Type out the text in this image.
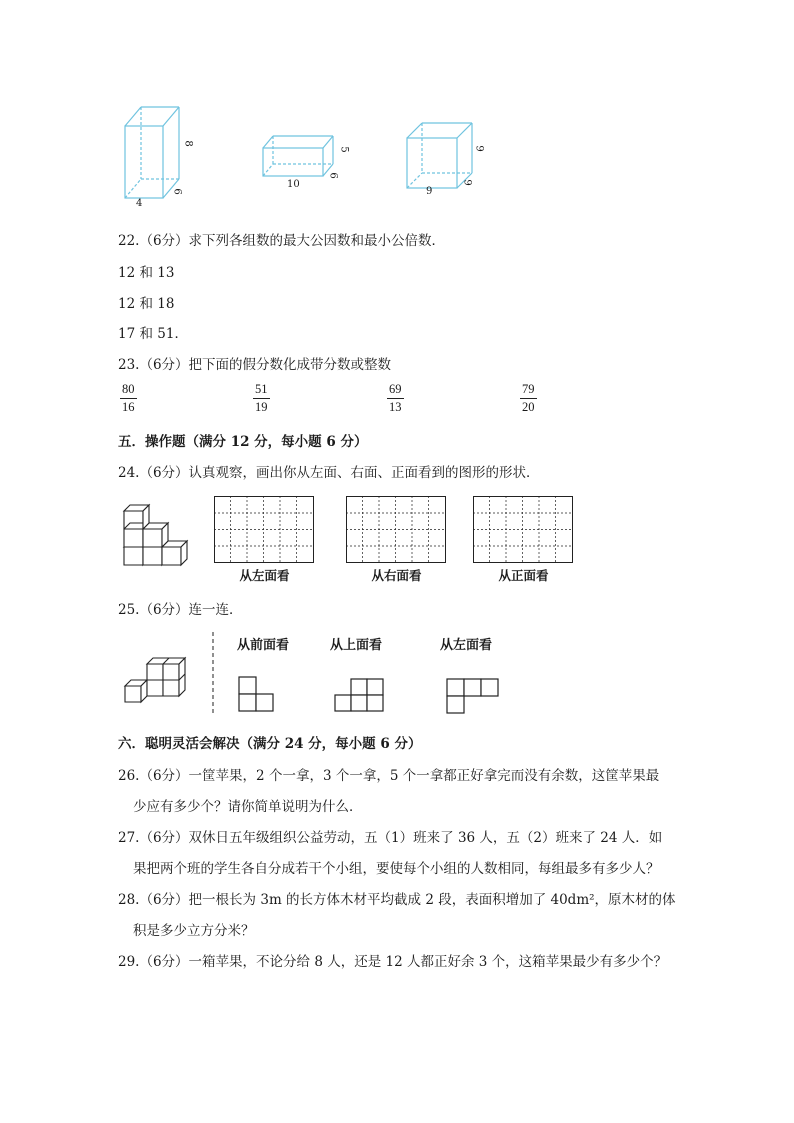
8
4
6
5
10
6
9
9
9
22.（6分）求下列各组数的最大公因数和最小公倍数．
12 和 13
12 和 18
17 和 51．
23.（6分）把下面的假分数化成带分数或整数
80
16
51
19
69
13
79
20
五．操作题（满分 12 分，每小题 6 分）
24.（6分）认真观察，画出你从左面、右面、正面看到的图形的形状．
从左面看	从右面看	从正面看
25.（6分）连一连．
从前面看	从上面看	从左面看
六．聪明灵活会解决（满分 24 分，每小题 6 分）
26.（6分）一筐苹果，2 个一拿，3 个一拿，5 个一拿都正好拿完而没有余数，这筐苹果最
少应有多少个？请你简单说明为什么．
27.（6分）双休日五年级组织公益劳动，五（1）班来了 36 人，五（2）班来了 24 人．如
果把两个班的学生各自分成若干个小组，要使每个小组的人数相同，每组最多有多少人？
28.（6分）把一根长为 3m 的长方体木材平均截成 2 段，表面积增加了 40dm²，原木材的体
积是多少立方分米？
29.（6分）一箱苹果，不论分给 8 人，还是 12 人都正好余 3 个，这箱苹果最少有多少个？
